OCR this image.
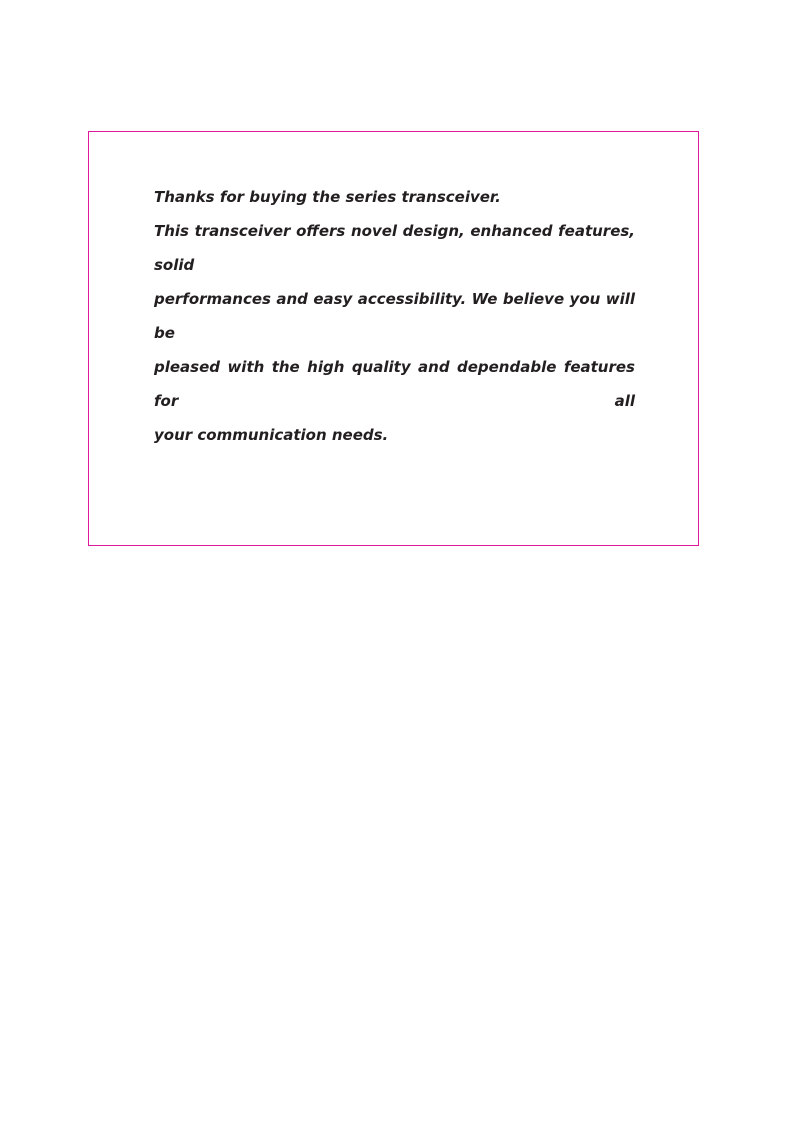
Thanks for buying the series transceiver.
This transceiver offers novel design, enhanced features, solid
performances and easy accessibility. We believe you will be
pleased with the high quality and dependable features for all
your communication needs.
